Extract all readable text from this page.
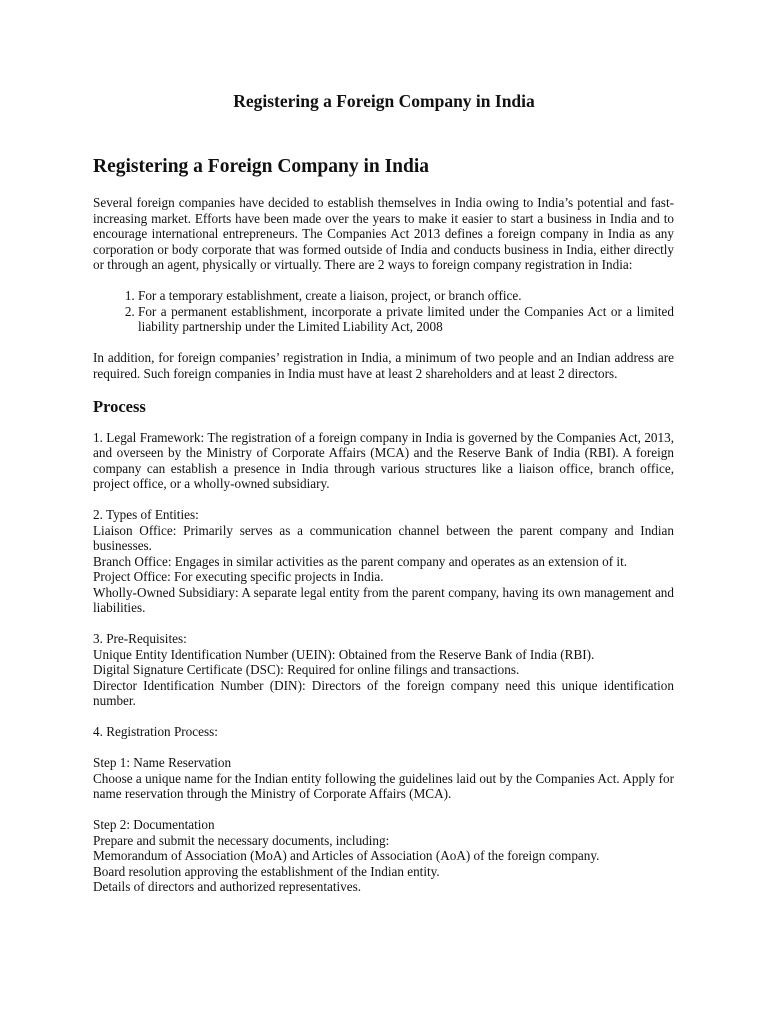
Registering a Foreign Company in India
Registering a Foreign Company in India

Several foreign companies have decided to establish themselves in India owing to India’s potential and fast-increasing market. Efforts have been made over the years to make it easier to start a business in India and to encourage international entrepreneurs. The Companies Act 2013 defines a foreign company in India as any corporation or body corporate that was formed outside of India and conducts business in India, either directly or through an agent, physically or virtually. There are 2 ways to foreign company registration in India:

1. For a temporary establishment, create a liaison, project, or branch office.
2. For a permanent establishment, incorporate a private limited under the Companies Act or a limited liability partnership under the Limited Liability Act, 2008

In addition, for foreign companies’ registration in India, a minimum of two people and an Indian address are required. Such foreign companies in India must have at least 2 shareholders and at least 2 directors.

Process

1. Legal Framework: The registration of a foreign company in India is governed by the Companies Act, 2013, and overseen by the Ministry of Corporate Affairs (MCA) and the Reserve Bank of India (RBI). A foreign company can establish a presence in India through various structures like a liaison office, branch office, project office, or a wholly-owned subsidiary.

2. Types of Entities:
Liaison Office: Primarily serves as a communication channel between the parent company and Indian businesses.
Branch Office: Engages in similar activities as the parent company and operates as an extension of it.
Project Office: For executing specific projects in India.
Wholly-Owned Subsidiary: A separate legal entity from the parent company, having its own management and liabilities.
3. Pre-Requisites:
Unique Entity Identification Number (UEIN): Obtained from the Reserve Bank of India (RBI).
Digital Signature Certificate (DSC): Required for online filings and transactions.
Director Identification Number (DIN): Directors of the foreign company need this unique identification number.
4. Registration Process:
Step 1: Name Reservation
Choose a unique name for the Indian entity following the guidelines laid out by the Companies Act. Apply for name reservation through the Ministry of Corporate Affairs (MCA).
Step 2: Documentation
Prepare and submit the necessary documents, including:
Memorandum of Association (MoA) and Articles of Association (AoA) of the foreign company.
Board resolution approving the establishment of the Indian entity.
Details of directors and authorized representatives.
